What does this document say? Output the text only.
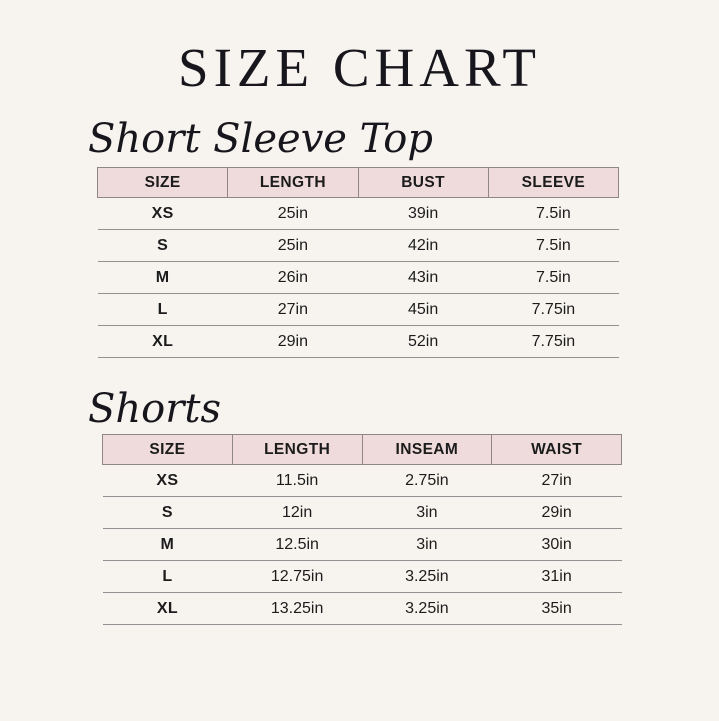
SIZE CHART
Short Sleeve Top
SIZE	LENGTH	BUST	SLEEVE
XS	25in	39in	7.5in
S	25in	42in	7.5in
M	26in	43in	7.5in
L	27in	45in	7.75in
XL	29in	52in	7.75in
Shorts
SIZE	LENGTH	INSEAM	WAIST
XS	11.5in	2.75in	27in
S	12in	3in	29in
M	12.5in	3in	30in
L	12.75in	3.25in	31in
XL	13.25in	3.25in	35in
